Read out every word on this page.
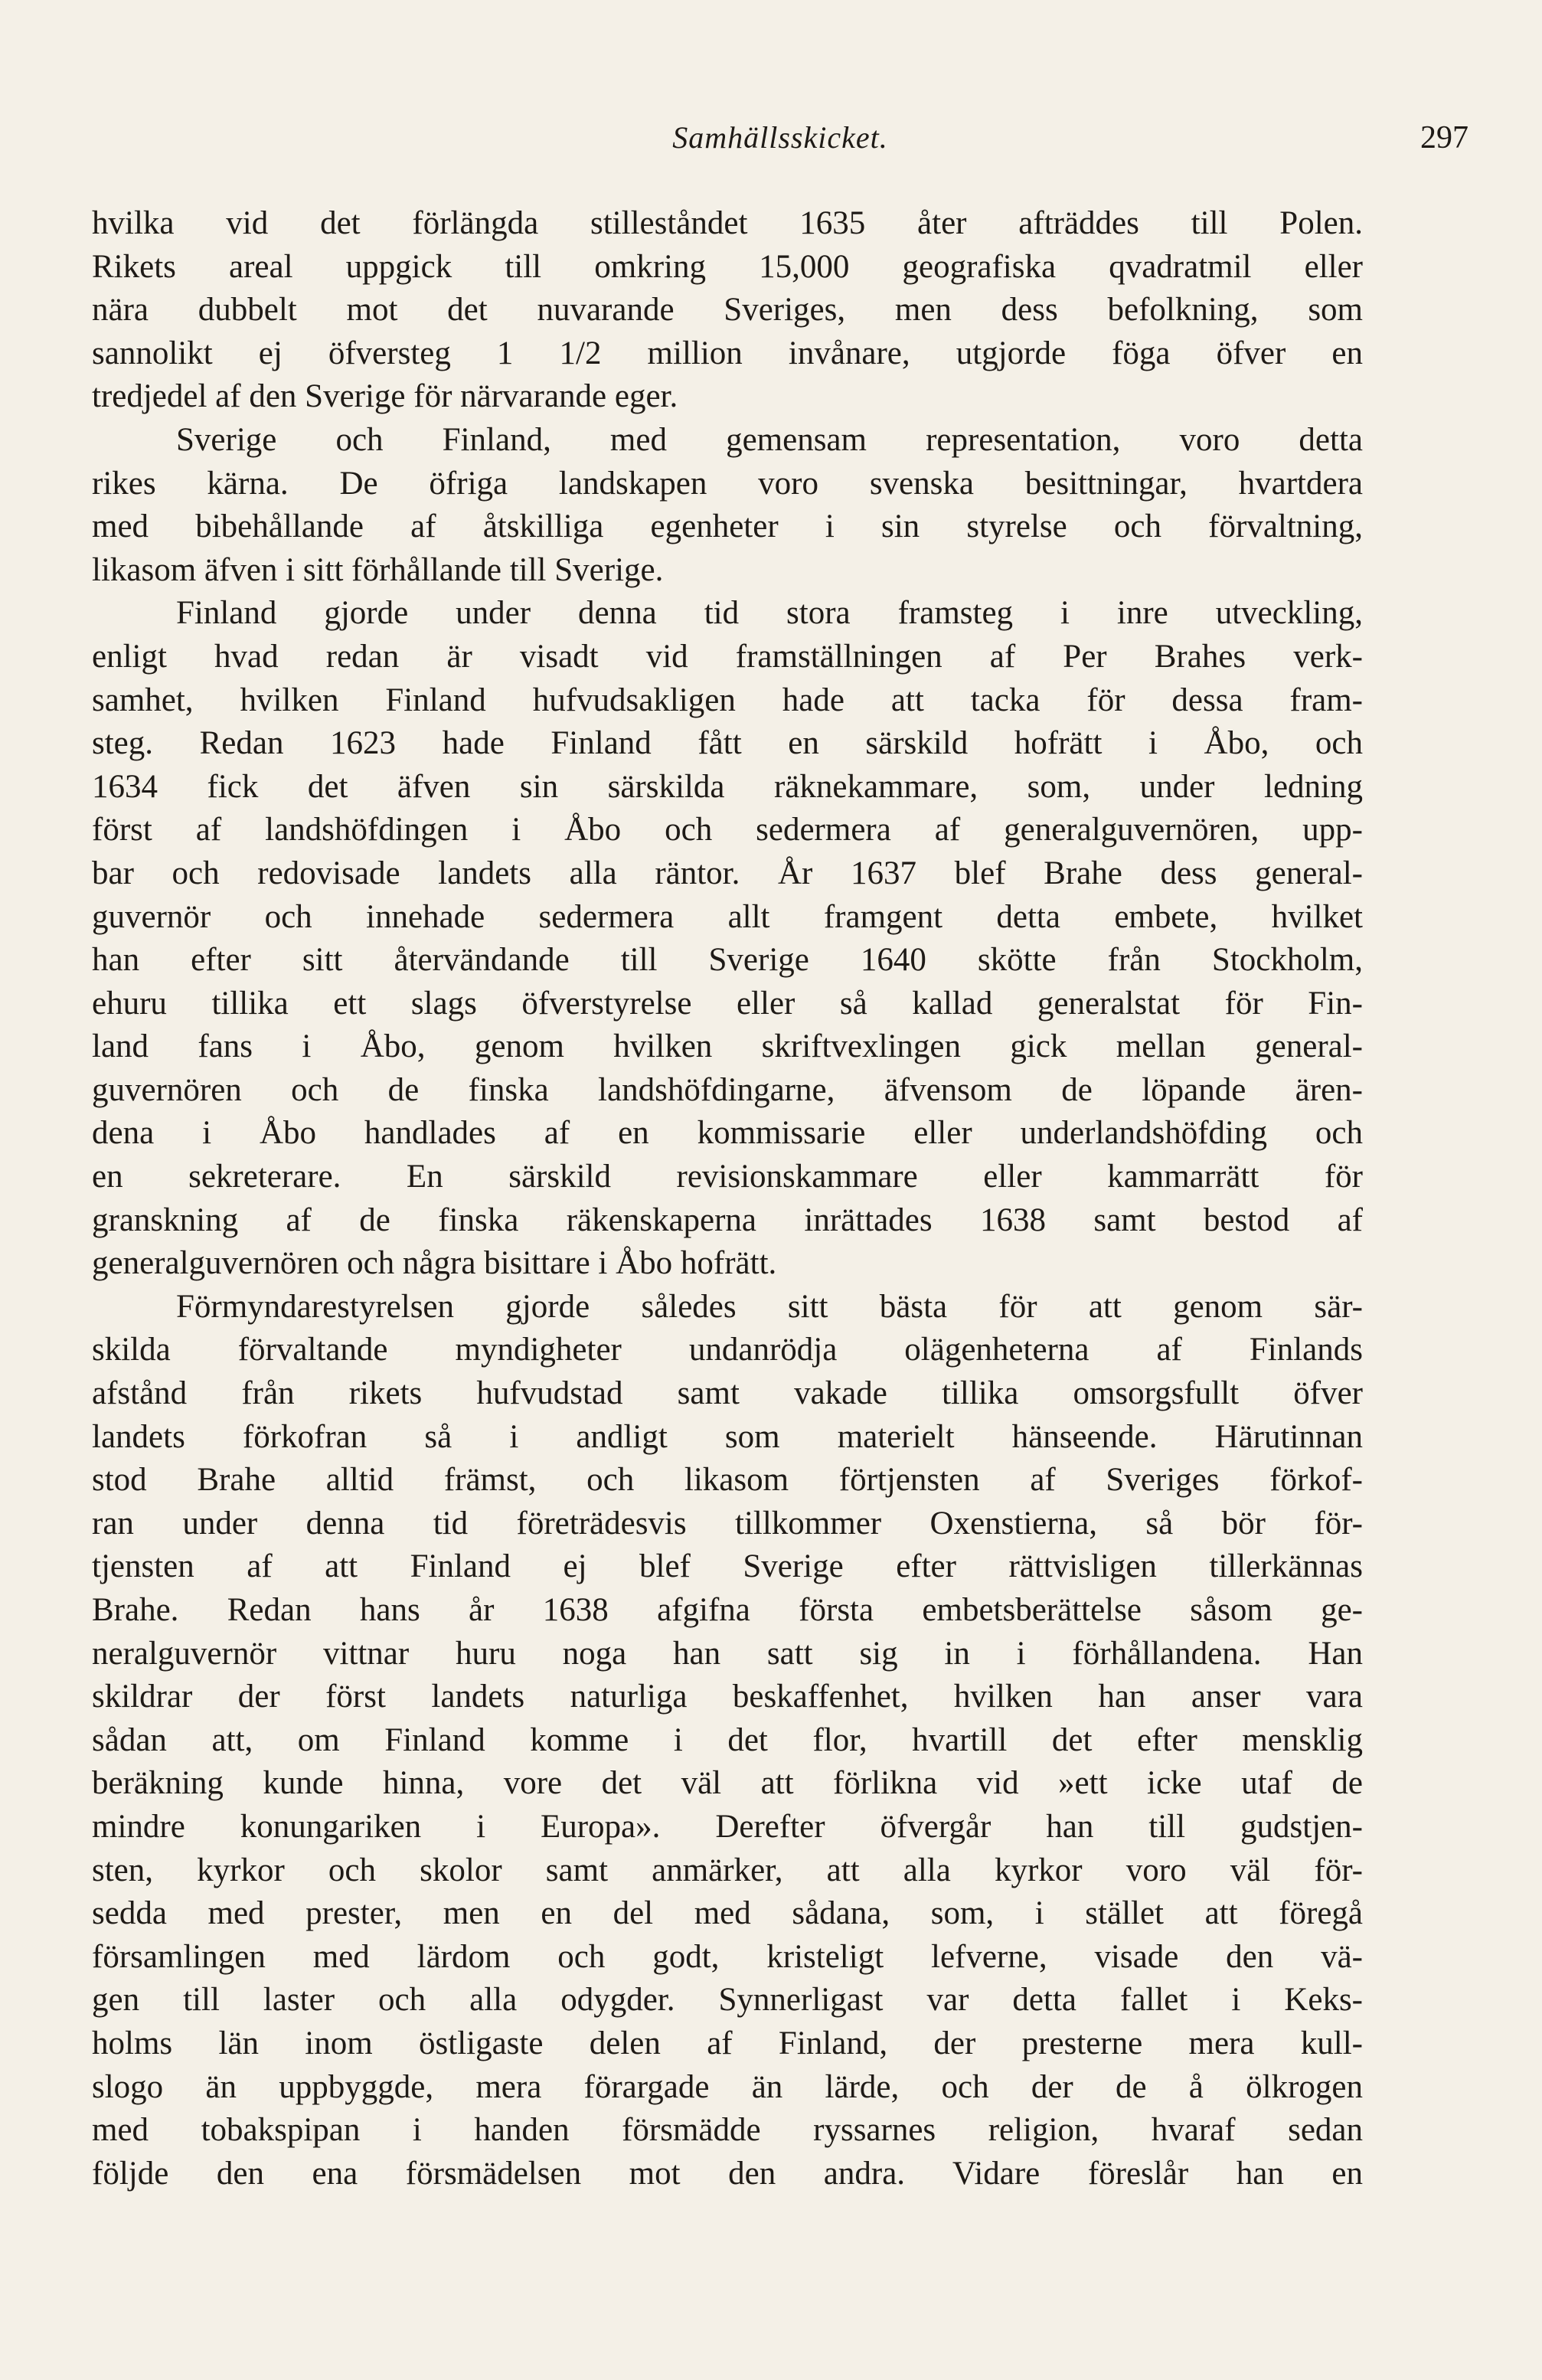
Samhällsskicket.	297
hvilka vid det förlängda stilleståndet 1635 åter afträddes till Polen.
Rikets areal uppgick till omkring 15,000 geografiska qvadratmil eller
nära dubbelt mot det nuvarande Sveriges, men dess befolkning, som
sannolikt ej öfversteg 1 1/2 million invånare, utgjorde föga öfver en
tredjedel af den Sverige för närvarande eger.
Sverige och Finland, med gemensam representation, voro detta
rikes kärna. De öfriga landskapen voro svenska besittningar, hvartdera
med bibehållande af åtskilliga egenheter i sin styrelse och förvaltning,
likasom äfven i sitt förhållande till Sverige.
Finland gjorde under denna tid stora framsteg i inre utveckling,
enligt hvad redan är visadt vid framställningen af Per Brahes verk-
samhet, hvilken Finland hufvudsakligen hade att tacka för dessa fram-
steg. Redan 1623 hade Finland fått en särskild hofrätt i Åbo, och
1634 fick det äfven sin särskilda räknekammare, som, under ledning
först af landshöfdingen i Åbo och sedermera af generalguvernören, upp-
bar och redovisade landets alla räntor. År 1637 blef Brahe dess general-
guvernör och innehade sedermera allt framgent detta embete, hvilket
han efter sitt återvändande till Sverige 1640 skötte från Stockholm,
ehuru tillika ett slags öfverstyrelse eller så kallad generalstat för Fin-
land fans i Åbo, genom hvilken skriftvexlingen gick mellan general-
guvernören och de finska landshöfdingarne, äfvensom de löpande ären-
dena i Åbo handlades af en kommissarie eller underlandshöfding och
en sekreterare. En särskild revisionskammare eller kammarrätt för
granskning af de finska räkenskaperna inrättades 1638 samt bestod af
generalguvernören och några bisittare i Åbo hofrätt.
Förmyndarestyrelsen gjorde således sitt bästa för att genom sär-
skilda förvaltande myndigheter undanrödja olägenheterna af Finlands
afstånd från rikets hufvudstad samt vakade tillika omsorgsfullt öfver
landets förkofran så i andligt som materielt hänseende. Härutinnan
stod Brahe alltid främst, och likasom förtjensten af Sveriges förkof-
ran under denna tid företrädesvis tillkommer Oxenstierna, så bör för-
tjensten af att Finland ej blef Sverige efter rättvisligen tillerkännas
Brahe. Redan hans år 1638 afgifna första embetsberättelse såsom ge-
neralguvernör vittnar huru noga han satt sig in i förhållandena. Han
skildrar der först landets naturliga beskaffenhet, hvilken han anser vara
sådan att, om Finland komme i det flor, hvartill det efter mensklig
beräkning kunde hinna, vore det väl att förlikna vid »ett icke utaf de
mindre konungariken i Europa». Derefter öfvergår han till gudstjen-
sten, kyrkor och skolor samt anmärker, att alla kyrkor voro väl för-
sedda med prester, men en del med sådana, som, i stället att föregå
församlingen med lärdom och godt, kristeligt lefverne, visade den vä-
gen till laster och alla odygder. Synnerligast var detta fallet i Keks-
holms län inom östligaste delen af Finland, der presterne mera kull-
slogo än uppbyggde, mera förargade än lärde, och der de å ölkrogen
med tobakspipan i handen försmädde ryssarnes religion, hvaraf sedan
följde den ena försmädelsen mot den andra. Vidare föreslår han en
